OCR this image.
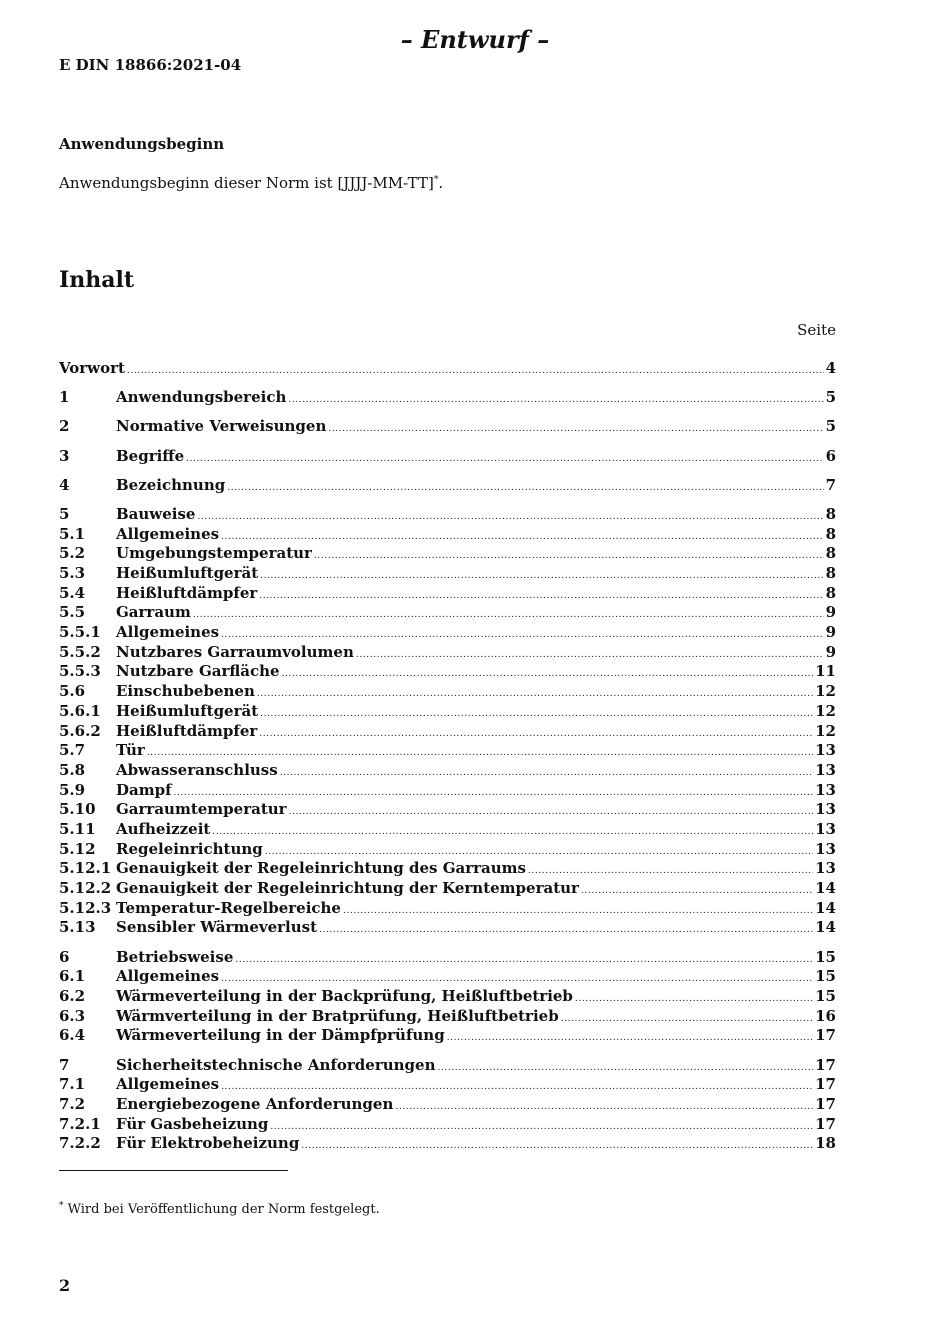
– Entwurf –
E DIN 18866:2021-04
Anwendungsbeginn
Anwendungsbeginn dieser Norm ist [JJJJ-MM-TT]*.
Inhalt
Seite
Vorwort .....	4
1	Anwendungsbereich .....	5
2	Normative Verweisungen .....	5
3	Begriffe .....	6
4	Bezeichnung .....	7
5	Bauweise .....	8
5.1	Allgemeines .....	8
5.2	Umgebungstemperatur .....	8
5.3	Heißumluftgerät .....	8
5.4	Heißluftdämpfer .....	8
5.5	Garraum .....	9
5.5.1	Allgemeines .....	9
5.5.2	Nutzbares Garraumvolumen .....	9
5.5.3	Nutzbare Garfläche .....	11
5.6	Einschubebenen .....	12
5.6.1	Heißumluftgerät .....	12
5.6.2	Heißluftdämpfer .....	12
5.7	Tür .....	13
5.8	Abwasseranschluss .....	13
5.9	Dampf .....	13
5.10	Garraumtemperatur .....	13
5.11	Aufheizzeit .....	13
5.12	Regeleinrichtung .....	13
5.12.1 Genauigkeit der Regeleinrichtung des Garraums .....	13
5.12.2 Genauigkeit der Regeleinrichtung der Kerntemperatur .....	14
5.12.3 Temperatur-Regelbereiche .....	14
5.13	Sensibler Wärmeverlust .....	14
6	Betriebsweise .....	15
6.1	Allgemeines .....	15
6.2	Wärmeverteilung in der Backprüfung, Heißluftbetrieb .....	15
6.3	Wärmverteilung in der Bratprüfung, Heißluftbetrieb .....	16
6.4	Wärmeverteilung in der Dämpfprüfung .....	17
7	Sicherheitstechnische Anforderungen .....	17
7.1	Allgemeines .....	17
7.2	Energiebezogene Anforderungen .....	17
7.2.1	Für Gasbeheizung .....	17
7.2.2	Für Elektrobeheizung .....	18
* Wird bei Veröffentlichung der Norm festgelegt.
2
